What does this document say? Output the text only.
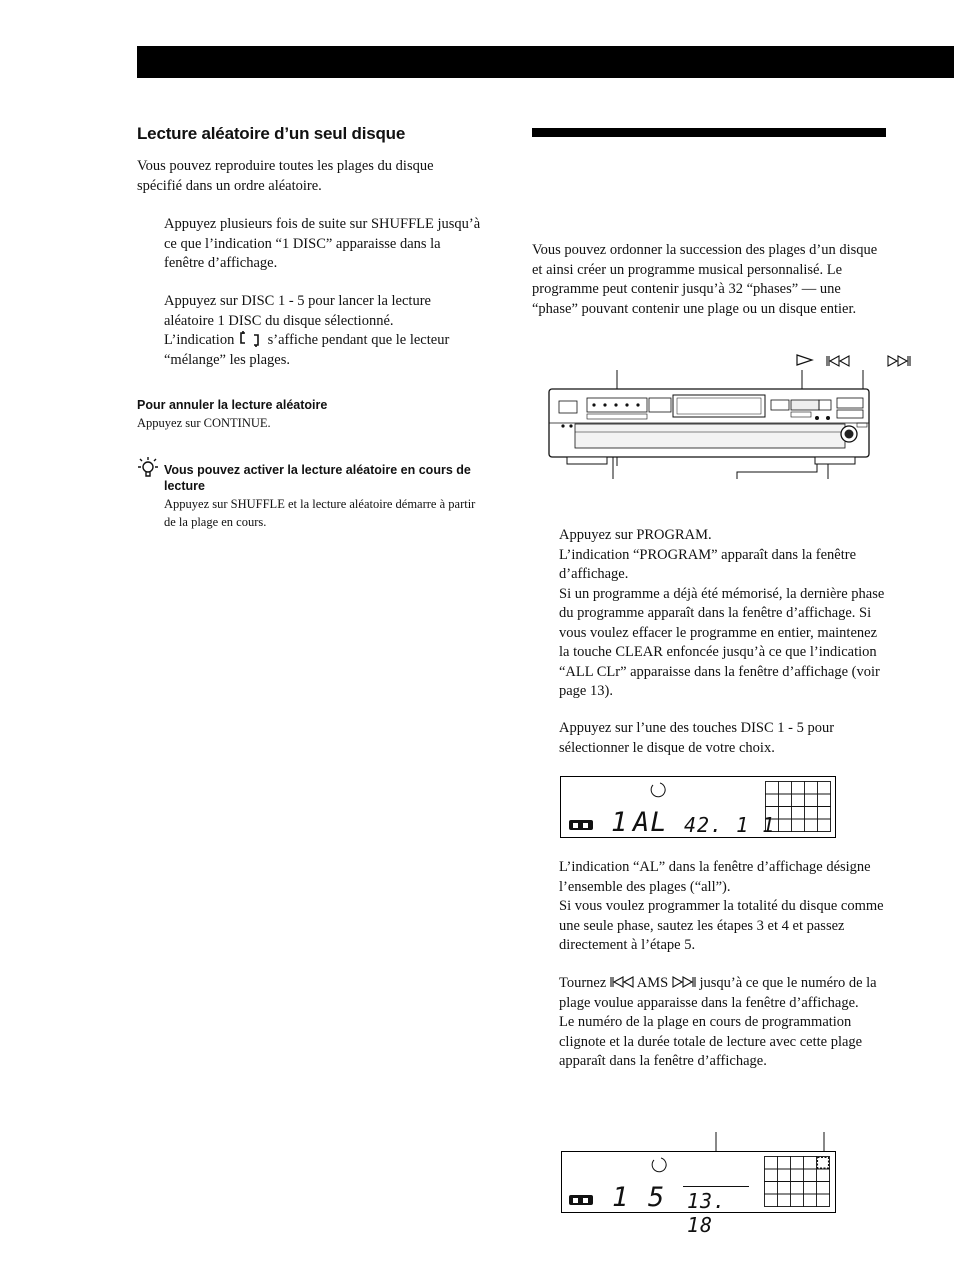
Lecture aléatoire d’un seul disque
Vous pouvez reproduire toutes les plages du disque spécifié dans un ordre aléatoire.
Appuyez plusieurs fois de suite sur SHUFFLE jusqu’à ce que l’indication “1 DISC” apparaisse dans la fenêtre d’affichage.
Appuyez sur DISC 1 - 5 pour lancer la lecture aléatoire 1 DISC du disque sélectionné.
L’indication  s’affiche pendant que le lecteur “mélange” les plages.
Pour annuler la lecture aléatoire
Appuyez sur CONTINUE.
Vous pouvez activer la lecture aléatoire en cours de lecture
Appuyez sur SHUFFLE et la lecture aléatoire démarre à partir de la plage en cours.
Vous pouvez ordonner la succession des plages d’un disque et ainsi créer un programme musical personnalisé. Le programme peut contenir jusqu’à 32 “phases” — une “phase” pouvant contenir une plage ou un disque entier.
Appuyez sur PROGRAM.
L’indication “PROGRAM” apparaît dans la fenêtre d’affichage.
Si un programme a déjà été mémorisé, la dernière phase du programme apparaît dans la fenêtre d’affichage. Si vous voulez effacer le programme en entier, maintenez la touche CLEAR enfoncée jusqu’à ce que l’indication “ALL CLr” apparaisse dans la fenêtre d’affichage (voir page 13).
Appuyez sur l’une des touches DISC 1 - 5 pour sélectionner le disque de votre choix.
1 AL 42. 1 1
L’indication “AL” dans la fenêtre d’affichage désigne l’ensemble des plages (“all”).
Si vous voulez programmer la totalité du disque comme une seule phase, sautez les étapes 3 et 4 et passez directement à l’étape 5.
Tournez  AMS  jusqu’à ce que le numéro de la plage voulue apparaisse dans la fenêtre d’affichage.
Le numéro de la plage en cours de programmation clignote et la durée totale de lecture avec cette plage apparaît dans la fenêtre d’affichage.
1 5 13. 18
